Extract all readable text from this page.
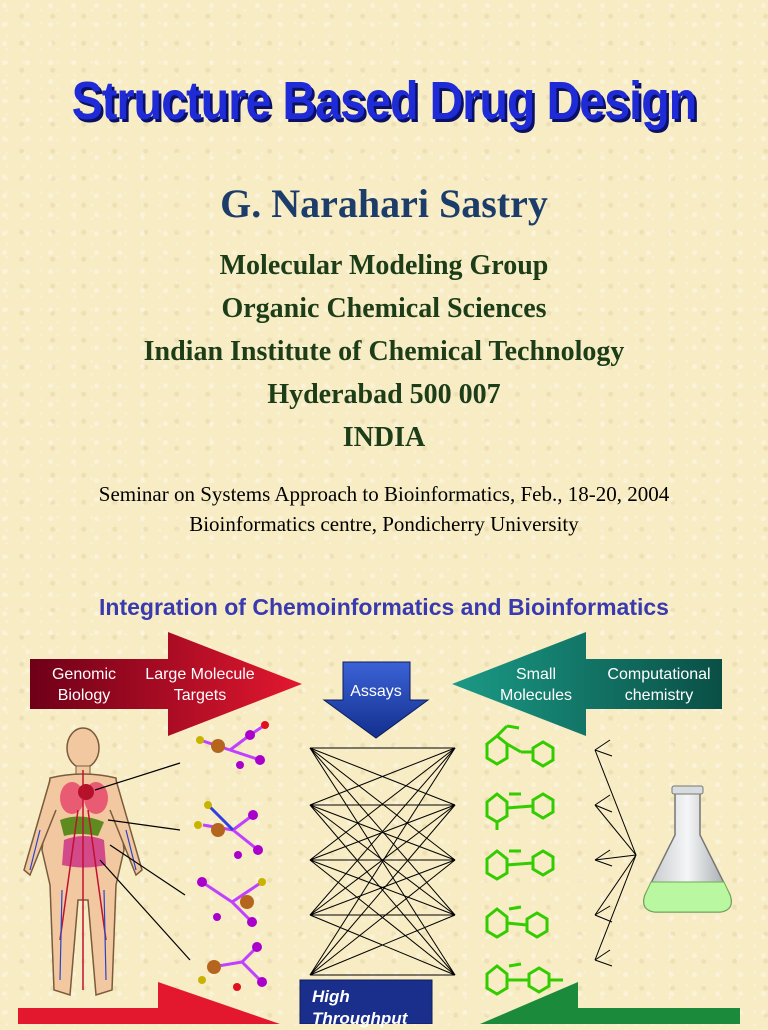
Structure Based Drug Design
G. Narahari Sastry
Molecular Modeling Group
Organic Chemical Sciences
Indian Institute of Chemical Technology
Hyderabad 500 007
INDIA
Seminar on Systems Approach to Bioinformatics, Feb., 18-20, 2004
Bioinformatics centre, Pondicherry University
Integration of Chemoinformatics and Bioinformatics
Genomic Biology
Large Molecule Targets	Assays
Small Molecules
Computational chemistry
High Throughput
